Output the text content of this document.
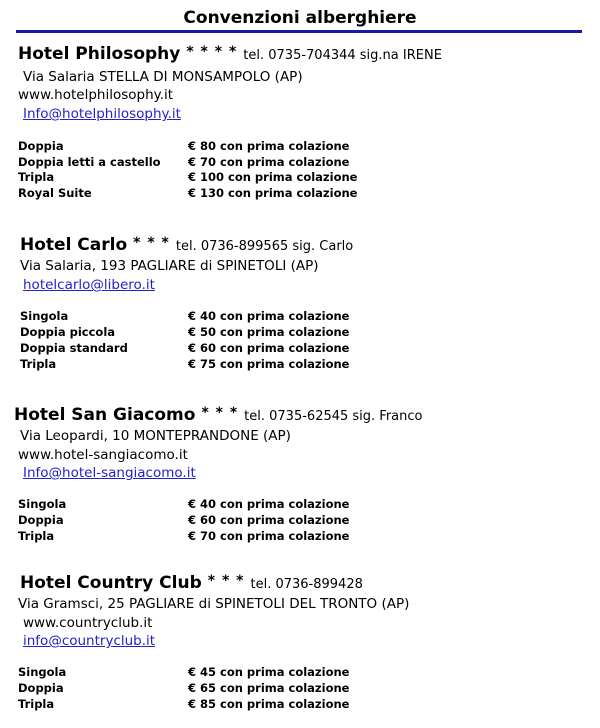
Convenzioni alberghiere
Hotel Philosophy * * * * tel. 0735-704344 sig.na IRENE
Via Salaria STELLA DI MONSAMPOLO (AP)
www.hotelphilosophy.it
Info@hotelphilosophy.it
Doppia	€ 80 con prima colazione
Doppia letti a castello € 70 con prima colazione
Tripla	€ 100 con prima colazione
Royal Suite	€ 130 con prima colazione
Hotel Carlo * * * tel. 0736-899565 sig. Carlo
Via Salaria, 193 PAGLIARE di SPINETOLI (AP)
hotelcarlo@libero.it
Singola	€ 40 con prima colazione
Doppia piccola	€ 50 con prima colazione
Doppia standard	€ 60 con prima colazione
Tripla	€ 75 con prima colazione
Hotel San Giacomo * * * tel. 0735-62545 sig. Franco
Via Leopardi, 10 MONTEPRANDONE (AP)
www.hotel-sangiacomo.it
Info@hotel-sangiacomo.it
Singola	€ 40 con prima colazione
Doppia	€ 60 con prima colazione
Tripla	€ 70 con prima colazione
Hotel Country Club * * * tel. 0736-899428
Via Gramsci, 25 PAGLIARE di SPINETOLI DEL TRONTO (AP)
www.countryclub.it
info@countryclub.it
Singola	€ 45 con prima colazione
Doppia	€ 65 con prima colazione
Tripla	€ 85 con prima colazione
